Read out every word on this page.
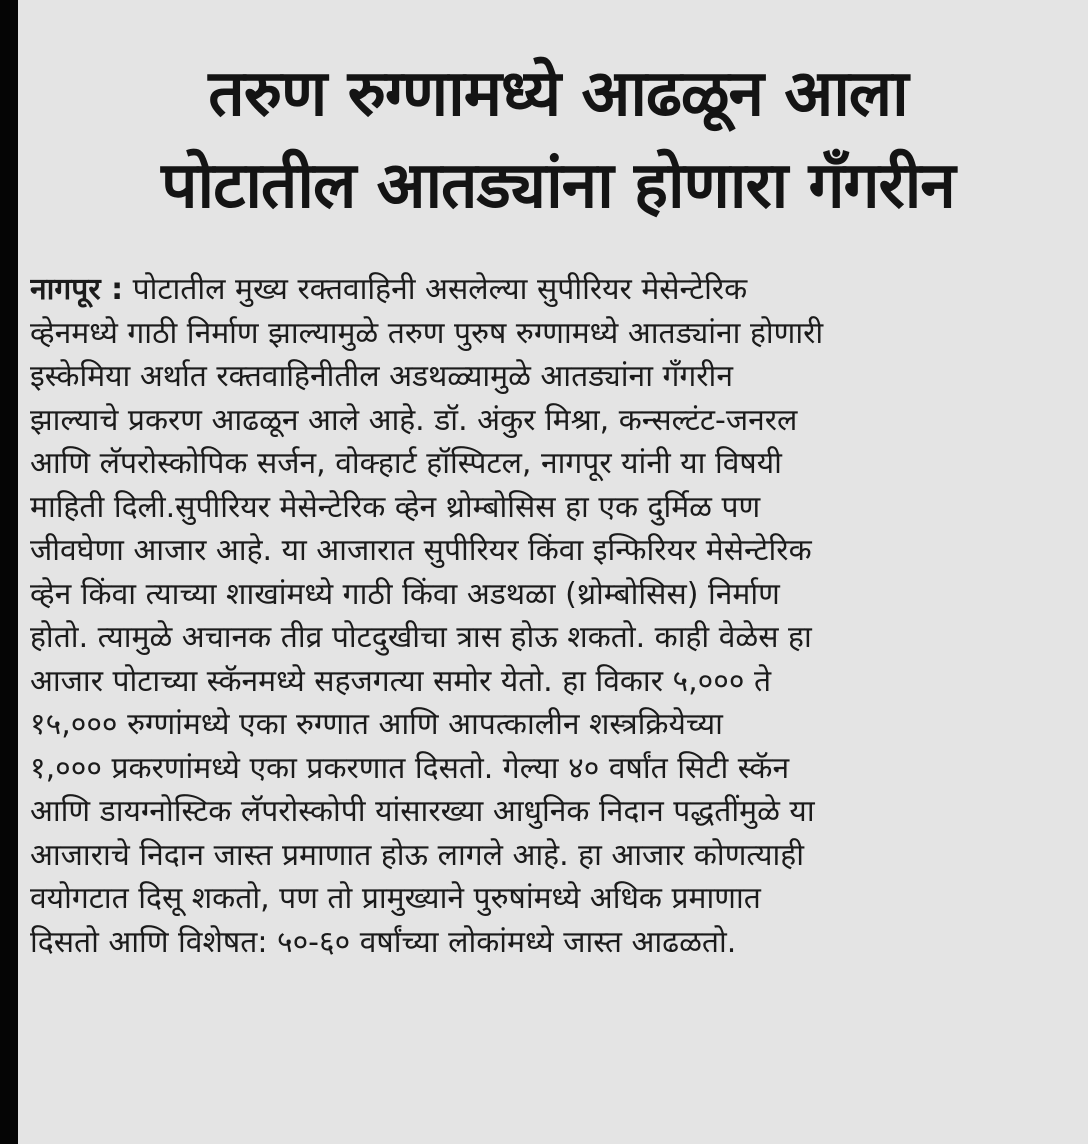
तरुण रुग्णामध्ये आढळून आला
पोटातील आतड्यांना होणारा गॅंगरीन
नागपूर : पोटातील मुख्य रक्तवाहिनी असलेल्या सुपीरियर मेसेन्टेरिक
व्हेनमध्ये गाठी निर्माण झाल्यामुळे तरुण पुरुष रुग्णामध्ये आतड्यांना होणारी
इस्केमिया अर्थात रक्तवाहिनीतील अडथळ्यामुळे आतड्यांना गॅंगरीन
झाल्याचे प्रकरण आढळून आले आहे. डॉ. अंकुर मिश्रा, कन्सल्टंट-जनरल
आणि लॅपरोस्कोपिक सर्जन, वोक्हार्ट हॉस्पिटल, नागपूर यांनी या विषयी
माहिती दिली.सुपीरियर मेसेन्टेरिक व्हेन थ्रोम्बोसिस हा एक दुर्मिळ पण
जीवघेणा आजार आहे. या आजारात सुपीरियर किंवा इन्फिरियर मेसेन्टेरिक
व्हेन किंवा त्याच्या शाखांमध्ये गाठी किंवा अडथळा (थ्रोम्बोसिस) निर्माण
होतो. त्यामुळे अचानक तीव्र पोटदुखीचा त्रास होऊ शकतो. काही वेळेस हा
आजार पोटाच्या स्कॅनमध्ये सहजगत्या समोर येतो. हा विकार ५,००० ते
१५,००० रुग्णांमध्ये एका रुग्णात आणि आपत्कालीन शस्त्रक्रियेच्या
१,००० प्रकरणांमध्ये एका प्रकरणात दिसतो. गेल्या ४० वर्षांत सिटी स्कॅन
आणि डायग्नोस्टिक लॅपरोस्कोपी यांसारख्या आधुनिक निदान पद्धतींमुळे या
आजाराचे निदान जास्त प्रमाणात होऊ लागले आहे. हा आजार कोणत्याही
वयोगटात दिसू शकतो, पण तो प्रामुख्याने पुरुषांमध्ये अधिक प्रमाणात
दिसतो आणि विशेषत: ५०-६० वर्षांच्या लोकांमध्ये जास्त आढळतो.
